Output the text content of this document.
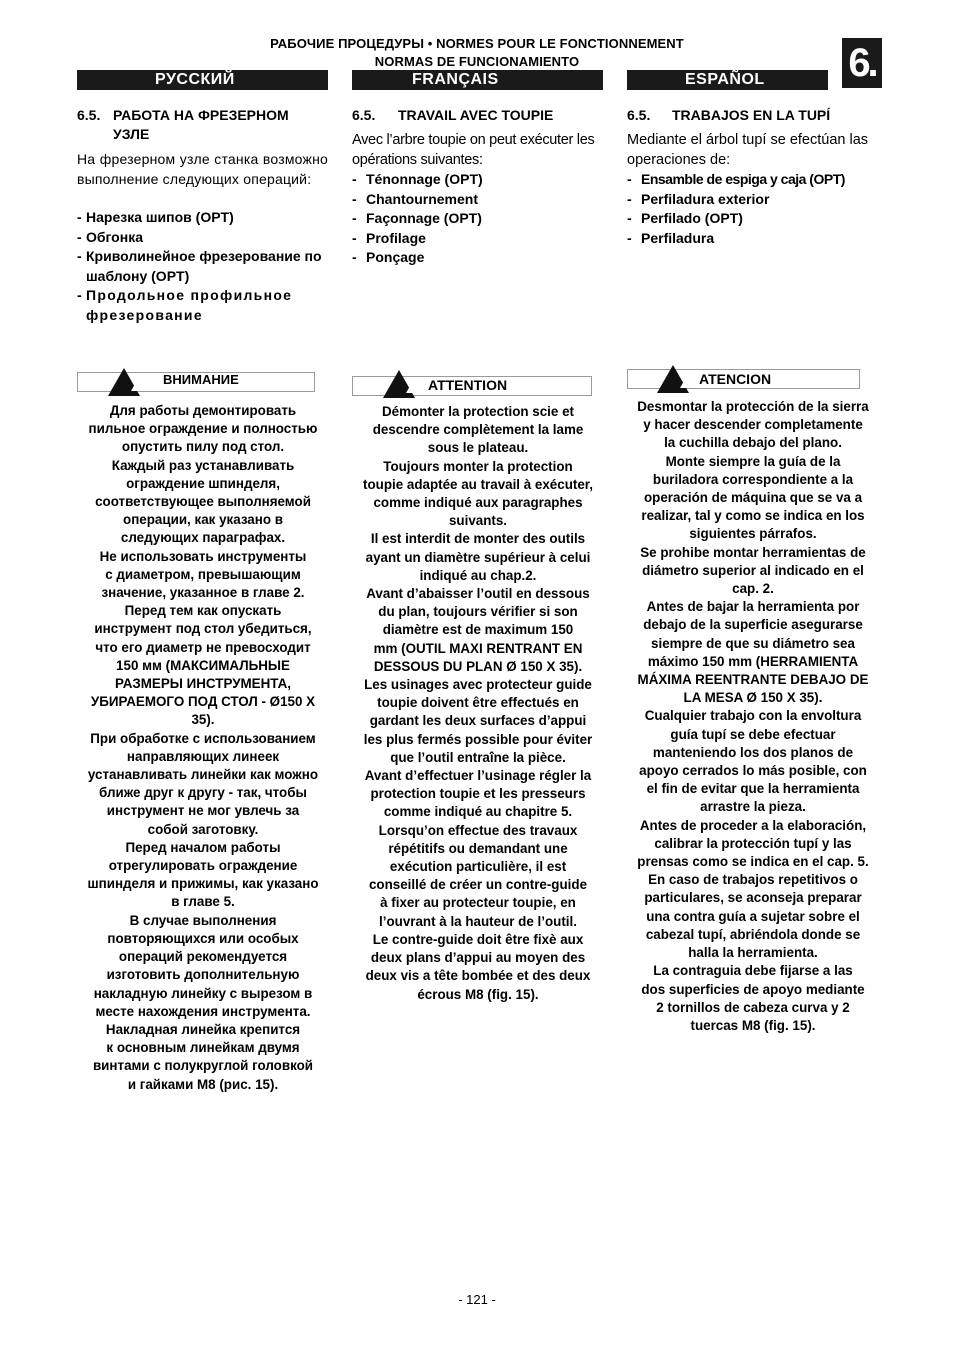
РАБОЧИЕ ПРОЦЕДУРЫ • NORMES POUR LE FONCTIONNEMENT
NORMAS DE FUNCIONAMIENTO	6.
РУССКИЙ
6.5. РАБОТА НА ФРЕЗЕРНОМ УЗЛЕ
На фрезерном узле станка возможно выполнение следующих операций:
- Нарезка шипов (OPT)
- Обгонка
- Криволинейное фрезерование по шаблону (OPT)
- Продольное профильное фрезерование
FRANÇAIS
6.5.	TRAVAIL AVEC TOUPIE
Avec l’arbre toupie on peut exécuter les opérations suivantes:
- Ténonnage (OPT)
- Chantournement
- Façonnage (OPT)
- Profilage
- Ponçage
ESPAÑOL
6.5.	TRABAJOS EN LA TUPÍ
Mediante el árbol tupí se efectúan las operaciones de:
- Ensamble de espiga y caja (OPT)
- Perfiladura exterior
- Perfilado (OPT)
- Perfiladura
ВНИМАНИЕ
Для работы демонтировать
пильное ограждение и полностью
опустить пилу под стол.
Каждый раз устанавливать
ограждение шпинделя,
соответствующее выполняемой
операции, как указано в
следующих параграфах.
Не использовать инструменты
с диаметром, превышающим
значение, указанное в главе 2.
Перед тем как опускать
инструмент под стол убедиться,
что его диаметр не превосходит
150 мм (МАКСИМАЛЬНЫЕ
РАЗМЕРЫ ИНСТРУМЕНТА,
УБИРАЕМОГО ПОД СТОЛ - Ø150 X
35).
При обработке с использованием
направляющих линеек
устанавливать линейки как можно
ближе друг к другу - так, чтобы
инструмент не мог увлечь за
собой заготовку.
Перед началом работы
отрегулировать ограждение
шпинделя и прижимы, как указано
в главе 5.
В случае выполнения
повторяющихся или особых
операций рекомендуется
изготовить дополнительную
накладную линейку с вырезом в
месте нахождения инструмента.
Накладная линейка крепится
к основным линейкам двумя
винтами с полукруглой головкой
и гайками M8 (рис. 15).
ATTENTION
Démonter la protection scie et
descendre complètement la lame
sous le plateau.
Toujours monter la protection
toupie adaptée au travail à exécuter,
comme indiqué aux paragraphes
suivants.
Il est interdit de monter des outils
ayant un diamètre supérieur à celui
indiqué au chap.2.
Avant d’abaisser l’outil en dessous
du plan, toujours vérifier si son
diamètre est de maximum 150
mm (OUTIL MAXI RENTRANT EN
DESSOUS DU PLAN Ø 150 X 35).
Les usinages avec protecteur guide
toupie doivent être effectués en
gardant les deux surfaces d’appui
les plus fermés possible pour éviter
que l’outil entraîne la pièce.
Avant d’effectuer l’usinage régler la
protection toupie et les presseurs
comme indiqué au chapitre 5.
Lorsqu’on effectue des travaux
répétitifs ou demandant une
exécution particulière, il est
conseillé de créer un contre-guide
à fixer au protecteur toupie, en
l’ouvrant à la hauteur de l’outil.
Le contre-guide doit être fixè aux
deux plans d’appui au moyen des
deux vis a tête bombée et des deux
écrous M8 (fig. 15).
ATENCION
Desmontar la protección de la sierra
y hacer descender completamente
la cuchilla debajo del plano.
Monte siempre la guía de la
buriladora correspondiente a la
operación de máquina que se va a
realizar, tal y como se indica en los
siguientes párrafos.
Se prohibe montar herramientas de
diámetro superior al indicado en el
cap. 2.
Antes de bajar la herramienta por
debajo de la superficie asegurarse
siempre de que su diámetro sea
máximo 150 mm (HERRAMIENTA
MÁXIMA REENTRANTE DEBAJO DE
LA MESA Ø 150 X 35).
Cualquier trabajo con la envoltura
guía tupí se debe efectuar
manteniendo los dos planos de
apoyo cerrados lo más posible, con
el fin de evitar que la herramienta
arrastre la pieza.
Antes de proceder a la elaboración,
calibrar la protección tupí y las
prensas como se indica en el cap. 5.
En caso de trabajos repetitivos o
particulares, se aconseja preparar
una contra guía a sujetar sobre el
cabezal tupí, abriéndola donde se
halla la herramienta.
La contraguia debe fijarse a las
dos superficies de apoyo mediante
2 tornillos de cabeza curva y 2
tuercas M8 (fig. 15).
- 121 -
